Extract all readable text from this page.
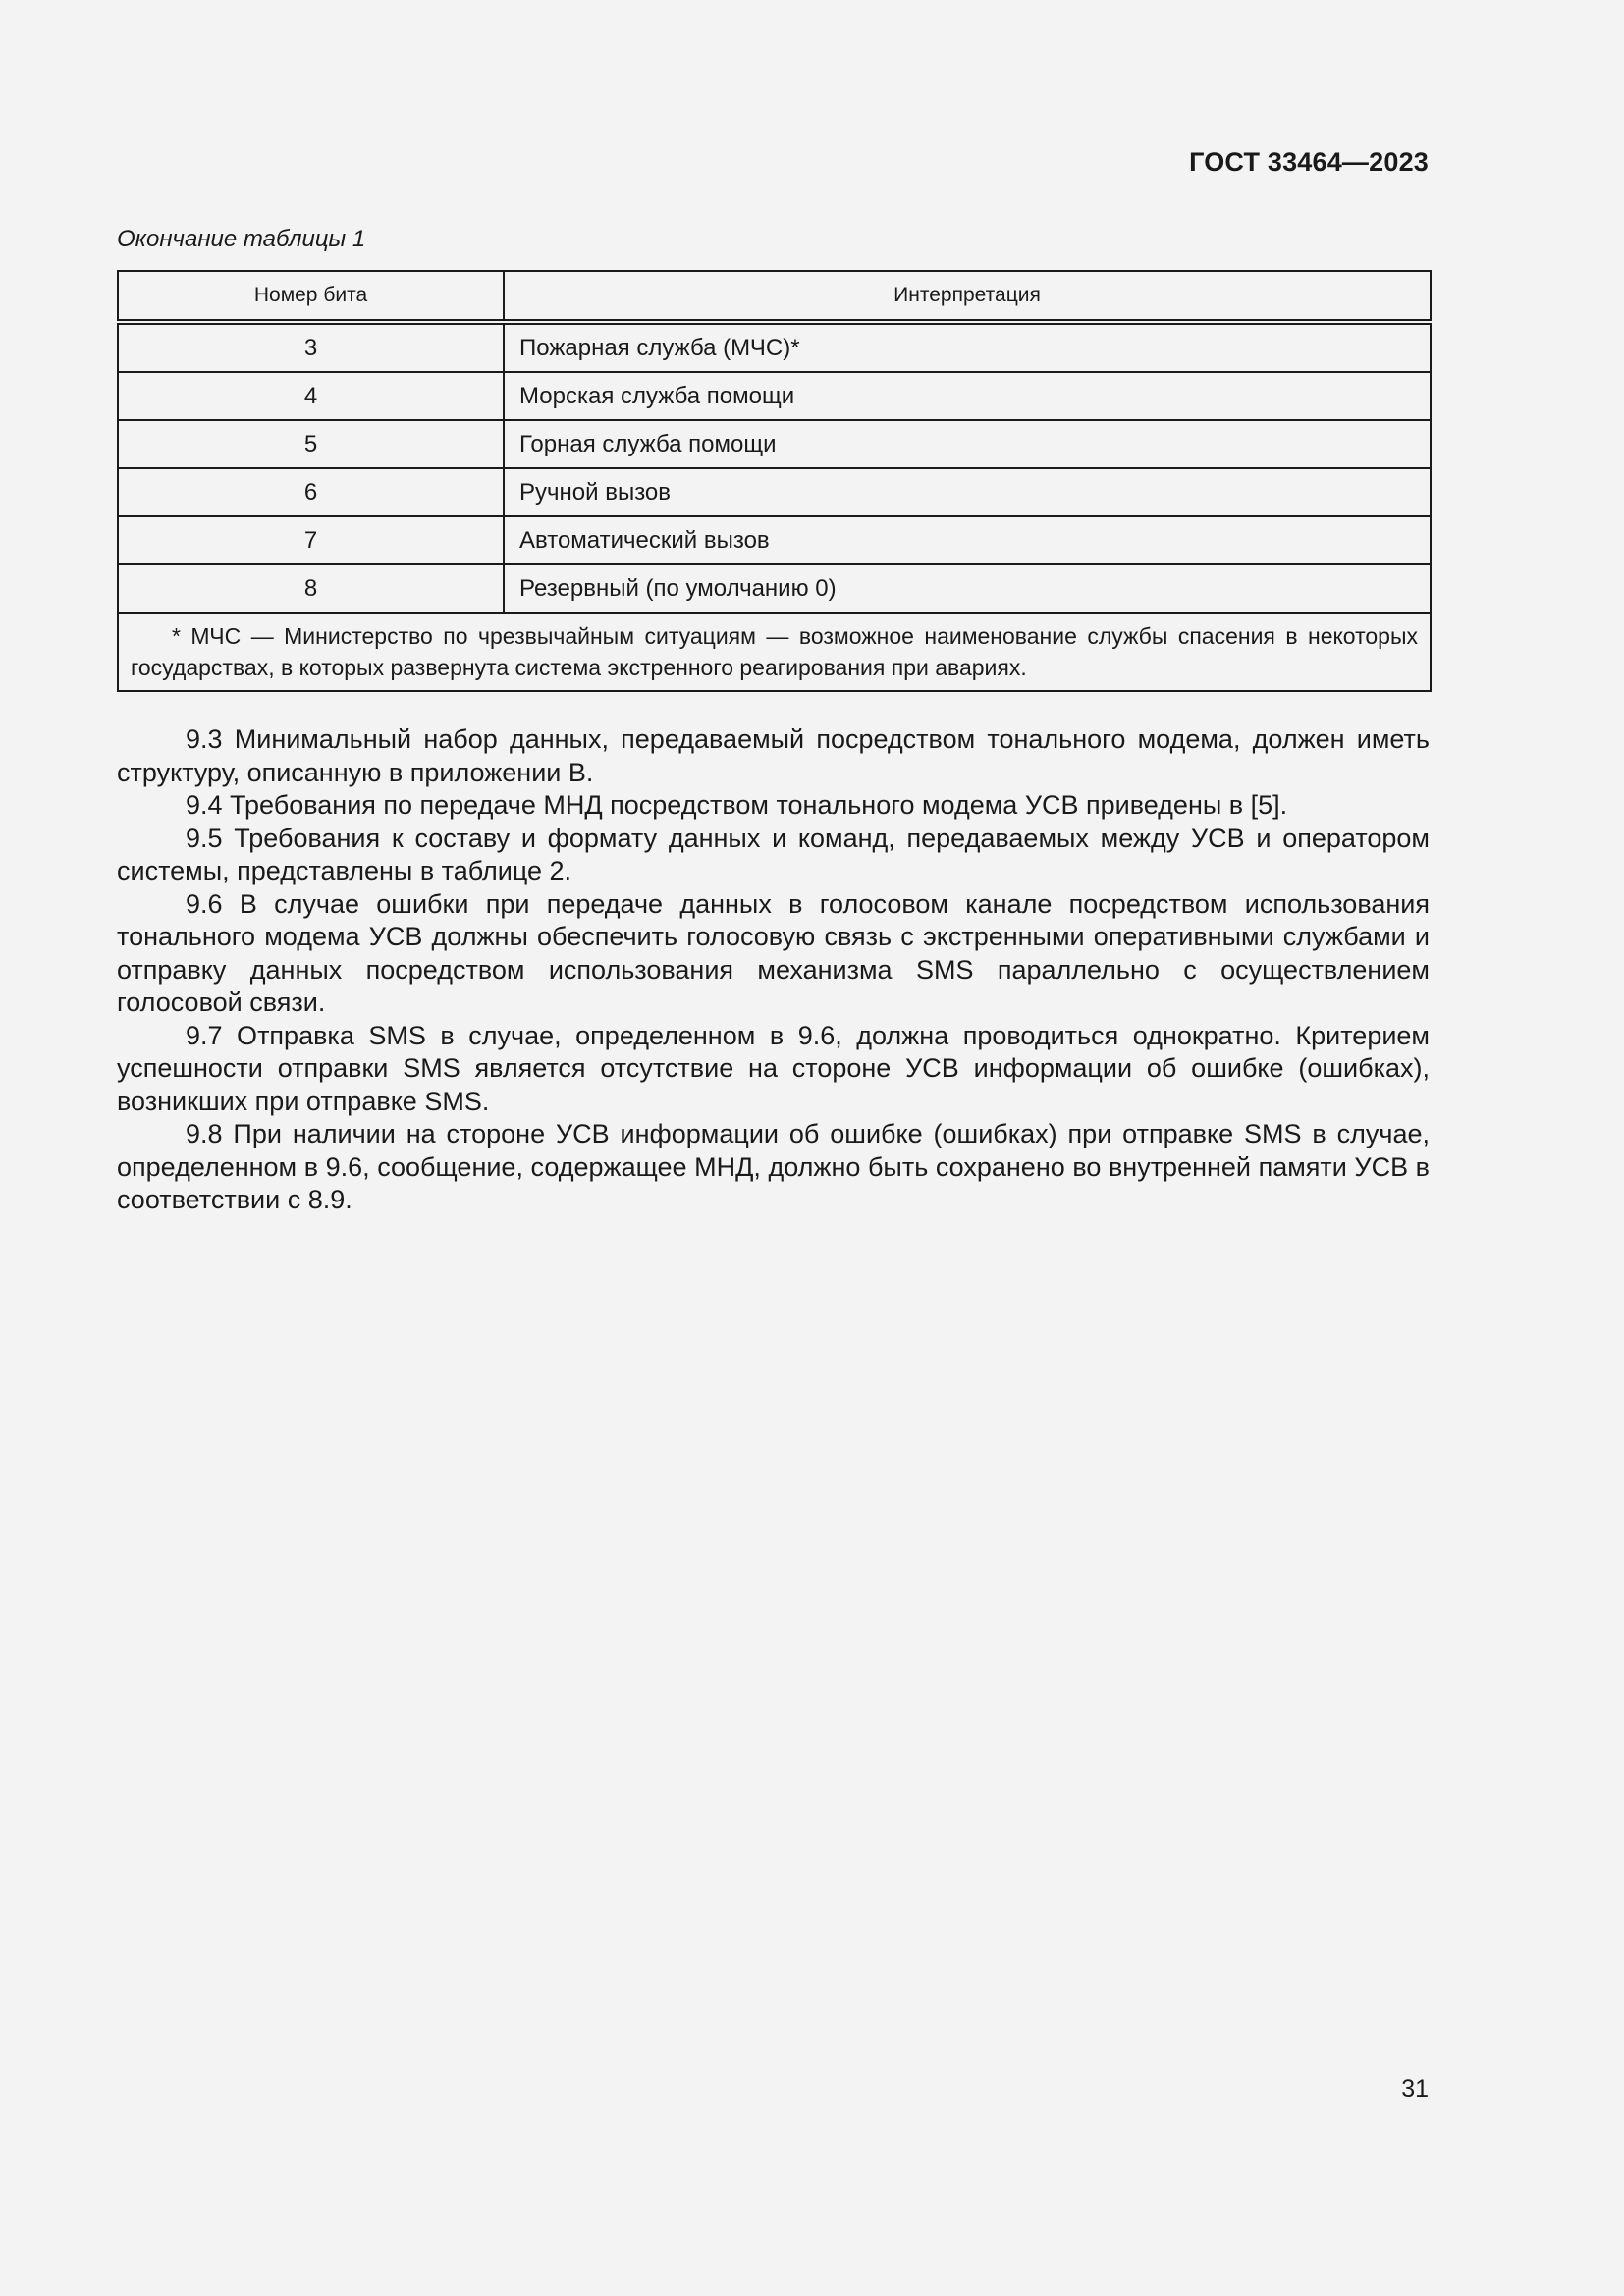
ГОСТ 33464—2023
Окончание таблицы 1
Номер бита	Интерпретация
3	Пожарная служба (МЧС)*
4	Морская служба помощи
5	Горная служба помощи
6	Ручной вызов
7	Автоматический вызов
8	Резервный (по умолчанию 0)
* МЧС — Министерство по чрезвычайным ситуациям — возможное наименование службы спасения в некоторых государствах, в которых развернута система экстренного реагирования при авариях.	

9.3 Минимальный набор данных, передаваемый посредством тонального модема, должен иметь структуру, описанную в приложении В.

9.4 Требования по передаче МНД посредством тонального модема УСВ приведены в [5].

9.5 Требования к составу и формату данных и команд, передаваемых между УСВ и оператором системы, представлены в таблице 2.

9.6 В случае ошибки при передаче данных в голосовом канале посредством использования тонального модема УСВ должны обеспечить голосовую связь с экстренными оперативными службами и отправку данных посредством использования механизма SMS параллельно с осуществлением голосовой связи.

9.7 Отправка SMS в случае, определенном в 9.6, должна проводиться однократно. Критерием успешности отправки SMS является отсутствие на стороне УСВ информации об ошибке (ошибках), возникших при отправке SMS.

9.8 При наличии на стороне УСВ информации об ошибке (ошибках) при отправке SMS в случае, определенном в 9.6, сообщение, содержащее МНД, должно быть сохранено во внутренней памяти УСВ в соответствии с 8.9.

31
